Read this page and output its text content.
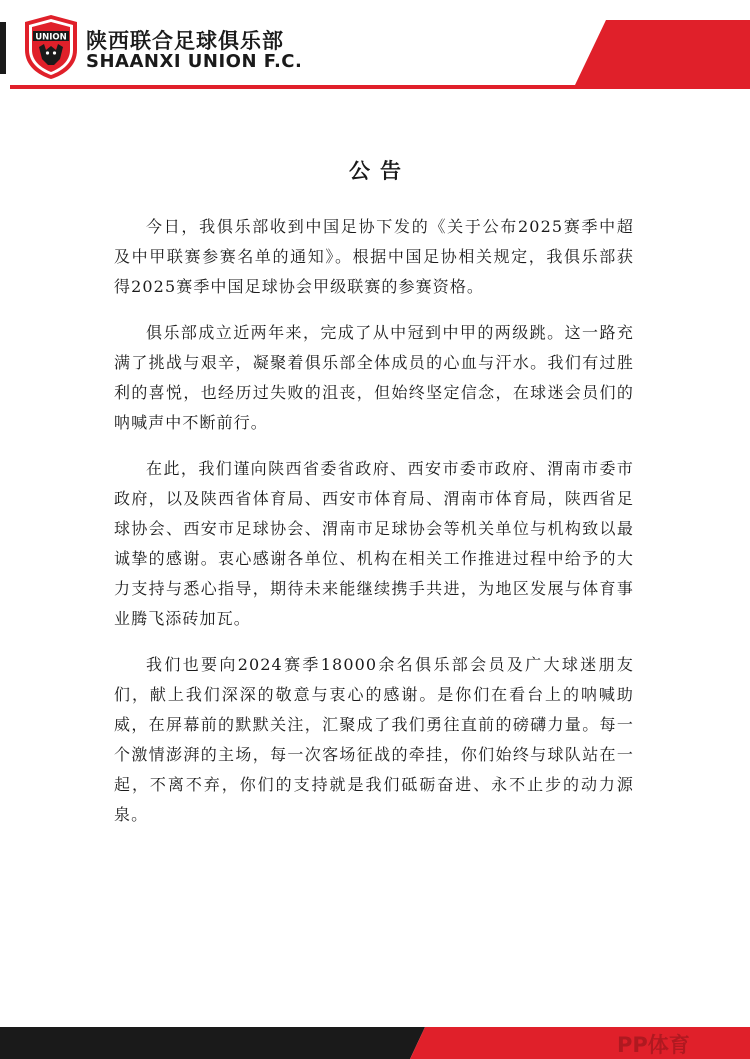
UNION 陕西联合足球俱乐部
SHAANXI UNION F.C.
公告

今日，我俱乐部收到中国足协下发的《关于公布2025赛季中超及中甲联赛参赛名单的通知》。根据中国足协相关规定，我俱乐部获得2025赛季中国足球协会甲级联赛的参赛资格。

俱乐部成立近两年来，完成了从中冠到中甲的两级跳。这一路充满了挑战与艰辛，凝聚着俱乐部全体成员的心血与汗水。我们有过胜利的喜悦，也经历过失败的沮丧，但始终坚定信念，在球迷会员们的呐喊声中不断前行。

在此，我们谨向陕西省委省政府、西安市委市政府、渭南市委市政府，以及陕西省体育局、西安市体育局、渭南市体育局，陕西省足球协会、西安市足球协会、渭南市足球协会等机关单位与机构致以最诚挚的感谢。衷心感谢各单位、机构在相关工作推进过程中给予的大力支持与悉心指导，期待未来能继续携手共进，为地区发展与体育事业腾飞添砖加瓦。

我们也要向2024赛季18000余名俱乐部会员及广大球迷朋友们，献上我们深深的敬意与衷心的感谢。是你们在看台上的呐喊助威，在屏幕前的默默关注，汇聚成了我们勇往直前的磅礴力量。每一个激情澎湃的主场，每一次客场征战的牵挂，你们始终与球队站在一起，不离不弃，你们的支持就是我们砥砺奋进、永不止步的动力源泉。

PP体育
